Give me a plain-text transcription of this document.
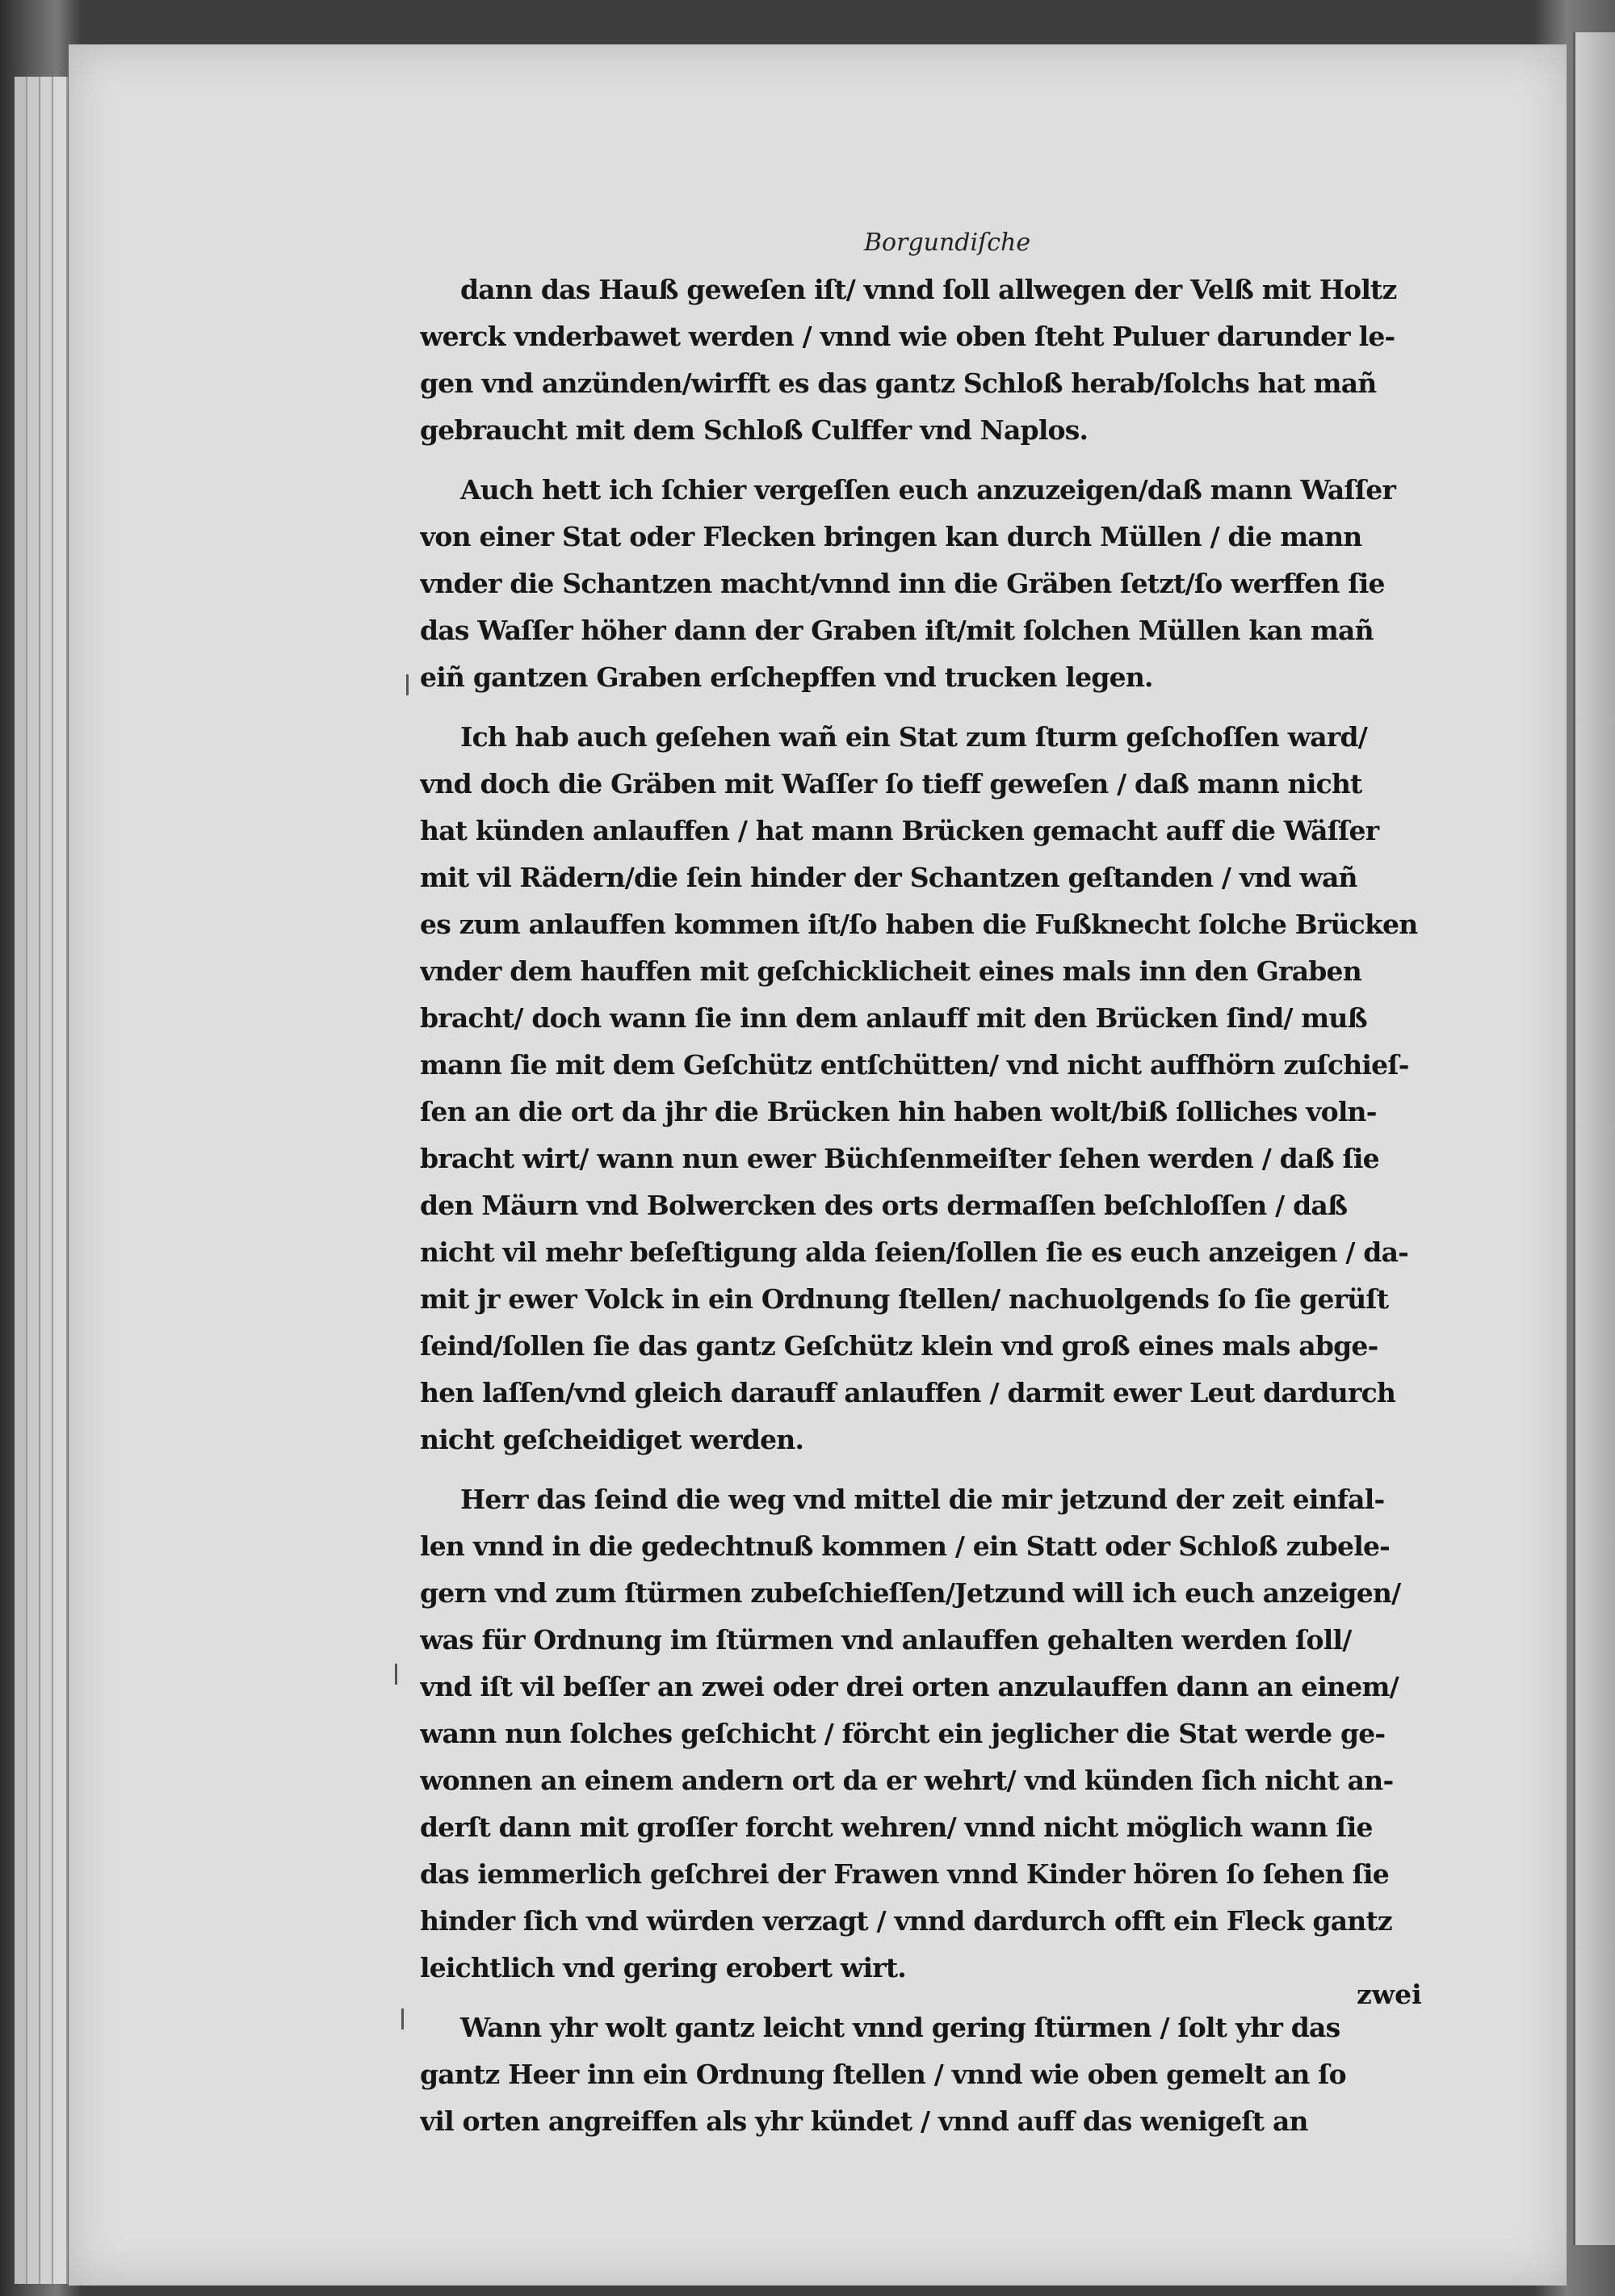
Borgundiſche
dann das Hauß geweſen iſt/ vnnd ſoll allwegen der Velß mit Holtz
werck vnderbawet werden / vnnd wie oben ſteht Puluer darunder le-
gen vnd anzünden/wirfft es das gantz Schloß herab/ſolchs hat mañ
gebraucht mit dem Schloß Culffer vnd Naplos.
Auch hett ich ſchier vergeſſen euch anzuzeigen/daß mann Waſſer
von einer Stat oder Flecken bringen kan durch Müllen / die mann
vnder die Schantzen macht/vnnd inn die Gräben ſetzt/ſo werffen ſie
das Waſſer höher dann der Graben iſt/mit ſolchen Müllen kan mañ
eiñ gantzen Graben erſchepffen vnd trucken legen.
Ich hab auch geſehen wañ ein Stat zum ſturm geſchoſſen ward/
vnd doch die Gräben mit Waſſer ſo tieff geweſen / daß mann nicht
hat künden anlauffen / hat mann Brücken gemacht auff die Wäſſer
mit vil Rädern/die ſein hinder der Schantzen geſtanden / vnd wañ
es zum anlauffen kommen iſt/ſo haben die Fußknecht ſolche Brücken
vnder dem hauffen mit geſchicklicheit eines mals inn den Graben
bracht/ doch wann ſie inn dem anlauff mit den Brücken ſind/ muß
mann ſie mit dem Geſchütz entſchütten/ vnd nicht auffhörn zuſchieſ-
ſen an die ort da jhr die Brücken hin haben wolt/biß ſolliches voln-
bracht wirt/ wann nun ewer Büchſenmeiſter ſehen werden / daß ſie
den Mäurn vnd Bolwercken des orts dermaſſen beſchloſſen / daß
nicht vil mehr beſeſtigung alda ſeien/ſollen ſie es euch anzeigen / da-
mit jr ewer Volck in ein Ordnung ſtellen/ nachuolgends ſo ſie gerüſt
ſeind/ſollen ſie das gantz Geſchütz klein vnd groß eines mals abge-
hen laſſen/vnd gleich darauff anlauffen / darmit ewer Leut dardurch
nicht geſcheidiget werden.
Herr das ſeind die weg vnd mittel die mir jetzund der zeit einfal-
len vnnd in die gedechtnuß kommen / ein Statt oder Schloß zubele-
gern vnd zum ſtürmen zubeſchieſſen/Jetzund will ich euch anzeigen/
was für Ordnung im ſtürmen vnd anlauffen gehalten werden ſoll/
vnd iſt vil beſſer an zwei oder drei orten anzulauffen dann an einem/
wann nun ſolches geſchicht / förcht ein jeglicher die Stat werde ge-
wonnen an einem andern ort da er wehrt/ vnd künden ſich nicht an-
derſt dann mit groſſer forcht wehren/ vnnd nicht möglich wann ſie
das iemmerlich geſchrei der Frawen vnnd Kinder hören ſo ſehen ſie
hinder ſich vnd würden verzagt / vnnd dardurch offt ein Fleck gantz
leichtlich vnd gering erobert wirt.
Wann yhr wolt gantz leicht vnnd gering ſtürmen / ſolt yhr das
gantz Heer inn ein Ordnung ſtellen / vnnd wie oben gemelt an ſo
vil orten angreiffen als yhr kündet / vnnd auff das wenigeſt an
zwei
